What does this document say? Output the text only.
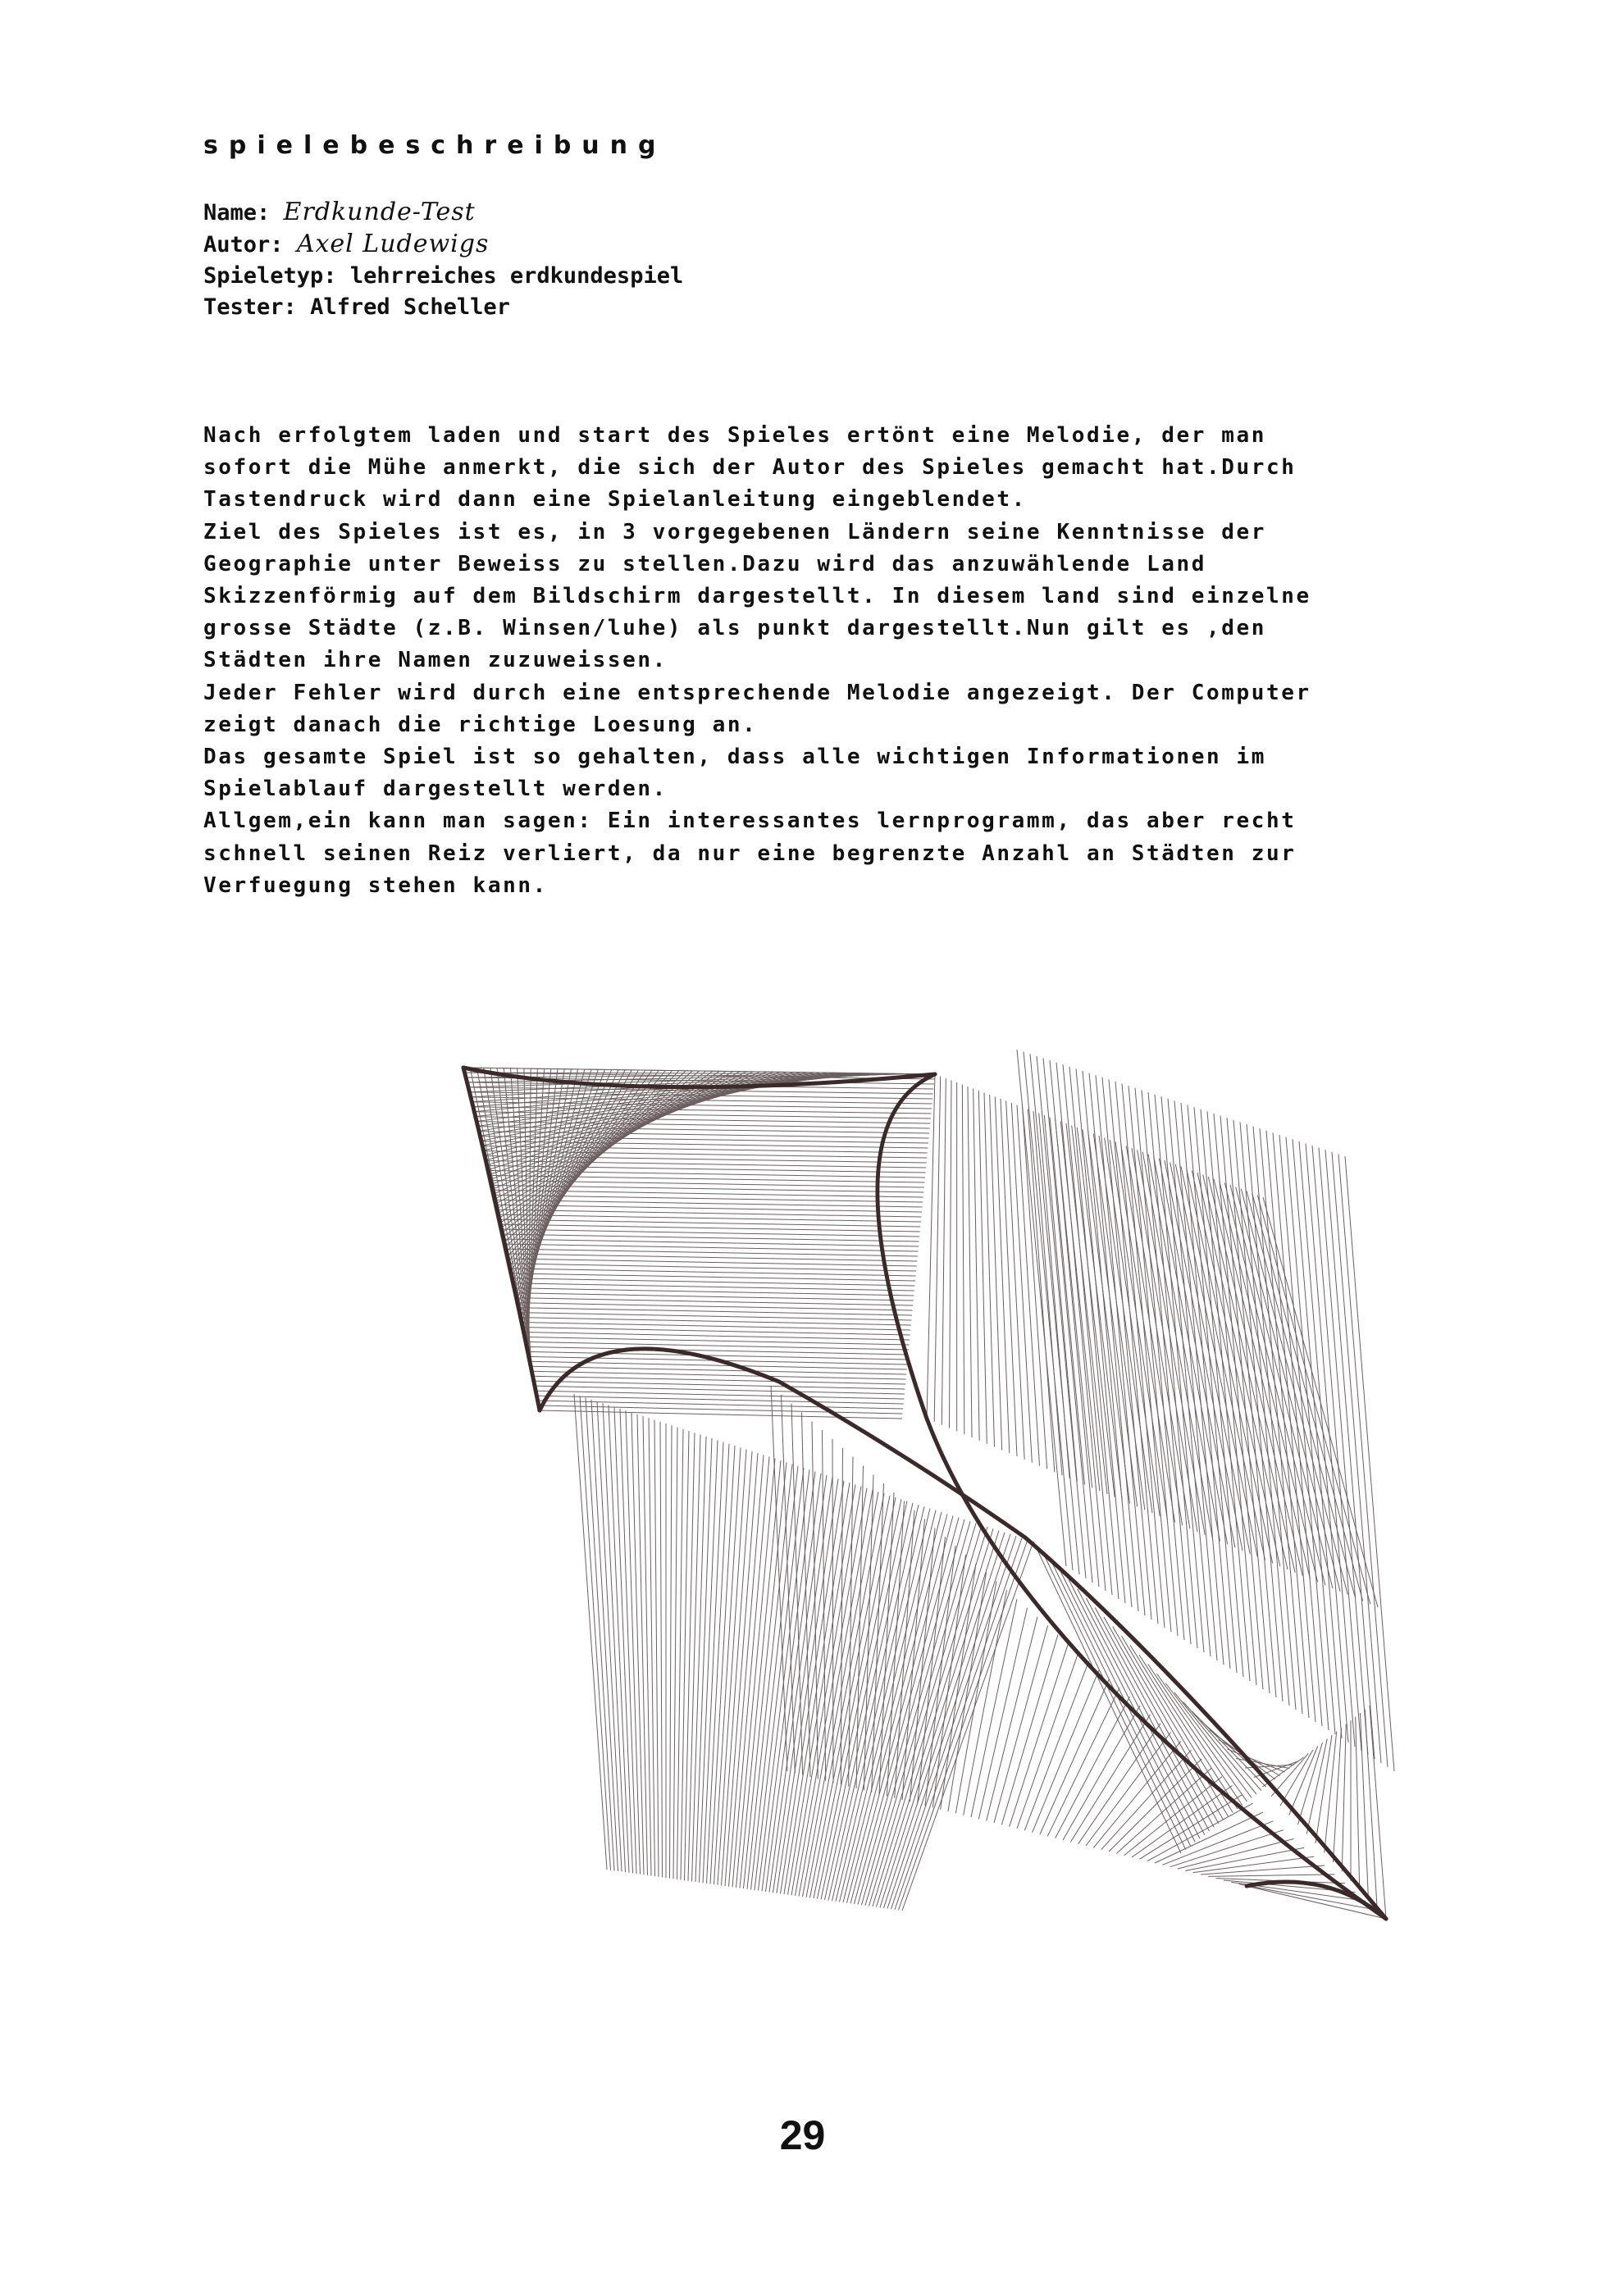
spielebeschreibung
Name: Erdkunde-Test
Autor: Axel Ludewigs
Spieletyp: lehrreiches erdkundespiel
Tester: Alfred Scheller
Nach erfolgtem laden und start des Spieles ertönt eine Melodie, der man
sofort die Mühe anmerkt, die sich der Autor des Spieles gemacht hat.Durch
Tastendruck wird dann eine Spielanleitung eingeblendet.
Ziel des Spieles ist es, in 3 vorgegebenen Ländern seine Kenntnisse der
Geographie unter Beweiss zu stellen.Dazu wird das anzuwählende Land
Skizzenförmig auf dem Bildschirm dargestellt. In diesem land sind einzelne
grosse Städte (z.B. Winsen/luhe) als punkt dargestellt.Nun gilt es ,den
Städten ihre Namen zuzuweissen.
Jeder Fehler wird durch eine entsprechende Melodie angezeigt. Der Computer
zeigt danach die richtige Loesung an.
Das gesamte Spiel ist so gehalten, dass alle wichtigen Informationen im
Spielablauf dargestellt werden.
Allgem,ein kann man sagen: Ein interessantes lernprogramm, das aber recht
schnell seinen Reiz verliert, da nur eine begrenzte Anzahl an Städten zur
Verfuegung stehen kann.
29
